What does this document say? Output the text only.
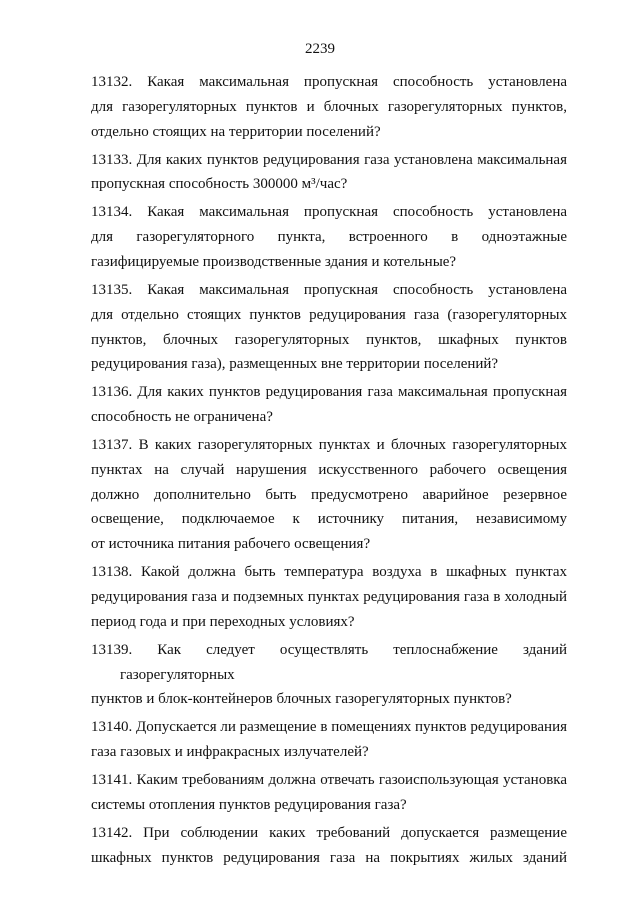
2239
13132. Какая максимальная пропускная способность установлена
для газорегуляторных пунктов и блочных газорегуляторных пунктов,
отдельно стоящих на территории поселений?
13133. Для каких пунктов редуцирования газа установлена максимальная
пропускная способность 300000 м³/час?
13134. Какая максимальная пропускная способность установлена
для газорегуляторного пункта, встроенного в одноэтажные
газифицируемые производственные здания и котельные?
13135. Какая максимальная пропускная способность установлена
для отдельно стоящих пунктов редуцирования газа (газорегуляторных
пунктов, блочных газорегуляторных пунктов, шкафных пунктов
редуцирования газа), размещенных вне территории поселений?
13136. Для каких пунктов редуцирования газа максимальная пропускная
способность не ограничена?
13137. В каких газорегуляторных пунктах и блочных газорегуляторных
пунктах на случай нарушения искусственного рабочего освещения
должно дополнительно быть предусмотрено аварийное резервное
освещение, подключаемое к источнику питания, независимому
от источника питания рабочего освещения?
13138. Какой должна быть температура воздуха в шкафных пунктах
редуцирования газа и подземных пунктах редуцирования газа в холодный
период года и при переходных условиях?
13139. Как следует осуществлять теплоснабжение зданий газорегуляторных
пунктов и блок-контейнеров блочных газорегуляторных пунктов?
13140. Допускается ли размещение в помещениях пунктов редуцирования
газа газовых и инфракрасных излучателей?
13141. Каким требованиям должна отвечать газоиспользующая установка
системы отопления пунктов редуцирования газа?
13142. При соблюдении каких требований допускается размещение
шкафных пунктов редуцирования газа на покрытиях жилых зданий
